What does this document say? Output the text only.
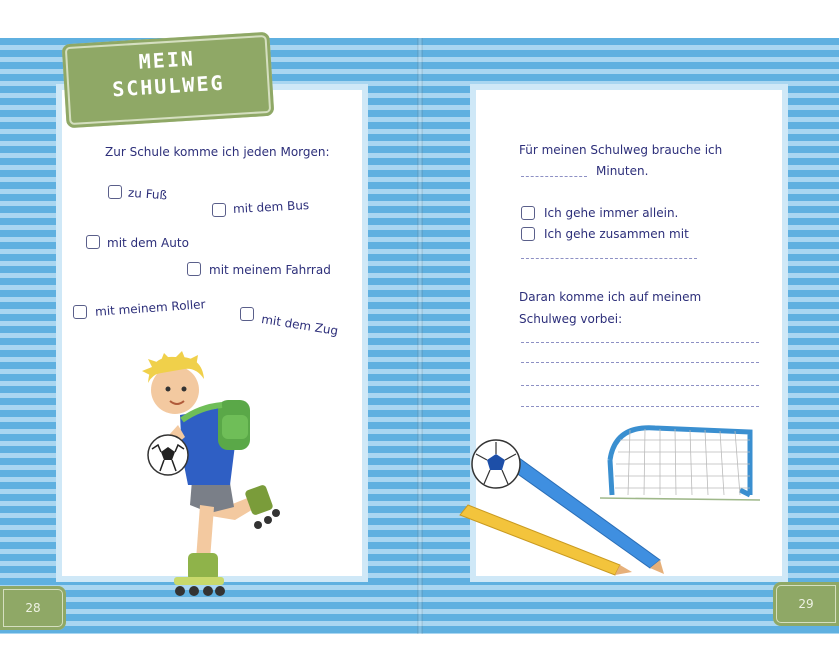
MEIN
SCHULWEG
Zur Schule komme ich jeden Morgen:
zu Fuß
mit dem Bus
mit dem Auto
mit meinem Fahrrad
mit meinem Roller
mit dem Zug
28
Für meinen Schulweg brauche ich
Minuten.
Ich gehe immer allein.
Ich gehe zusammen mit
Daran komme ich auf meinem
Schulweg vorbei:
29
